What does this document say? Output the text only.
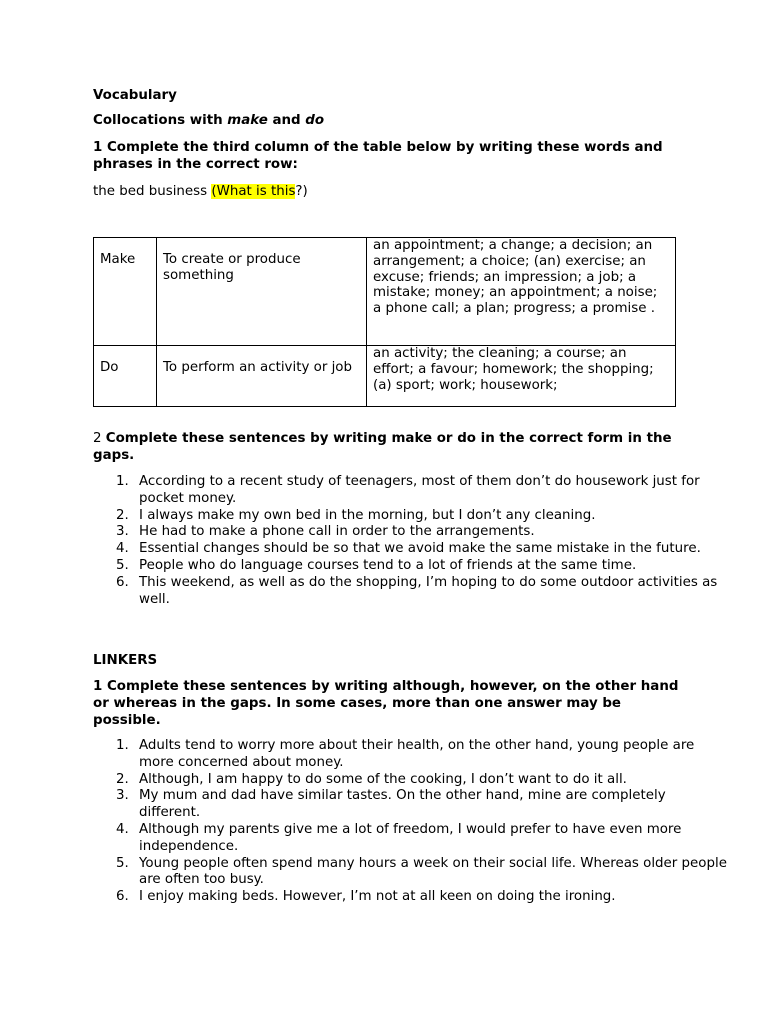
Vocabulary
Collocations with make and do
1 Complete the third column of the table below by writing these words and phrases in the correct row:
the bed business (What is this?)
Make	To create or produce something	an appointment; a change; a decision; an arrangement; a choice; (an) exercise; an excuse; friends; an impression; a job; a mistake; money; an appointment; a noise; a phone call; a plan; progress; a promise .
Do	To perform an activity or job	an activity; the cleaning; a course; an effort; a favour; homework; the shopping; (a) sport; work; housework;
2 Complete these sentences by writing make or do in the correct form in the gaps.
According to a recent study of teenagers, most of them don’t do housework just for pocket money.
I always make my own bed in the morning, but I don’t any cleaning.
He had to make a phone call in order to the arrangements.
Essential changes should be so that we avoid make the same mistake in the future.
People who do language courses tend to a lot of friends at the same time.
This weekend, as well as do the shopping, I’m hoping to do some outdoor activities as well.
LINKERS
1 Complete these sentences by writing although, however, on the other hand or whereas in the gaps. In some cases, more than one answer may be possible.
Adults tend to worry more about their health, on the other hand, young people are more concerned about money.
Although, I am happy to do some of the cooking, I don’t want to do it all.
My mum and dad have similar tastes. On the other hand, mine are completely different.
Although my parents give me a lot of freedom, I would prefer to have even more independence.
Young people often spend many hours a week on their social life. Whereas older people are often too busy.
I enjoy making beds. However, I’m not at all keen on doing the ironing.
